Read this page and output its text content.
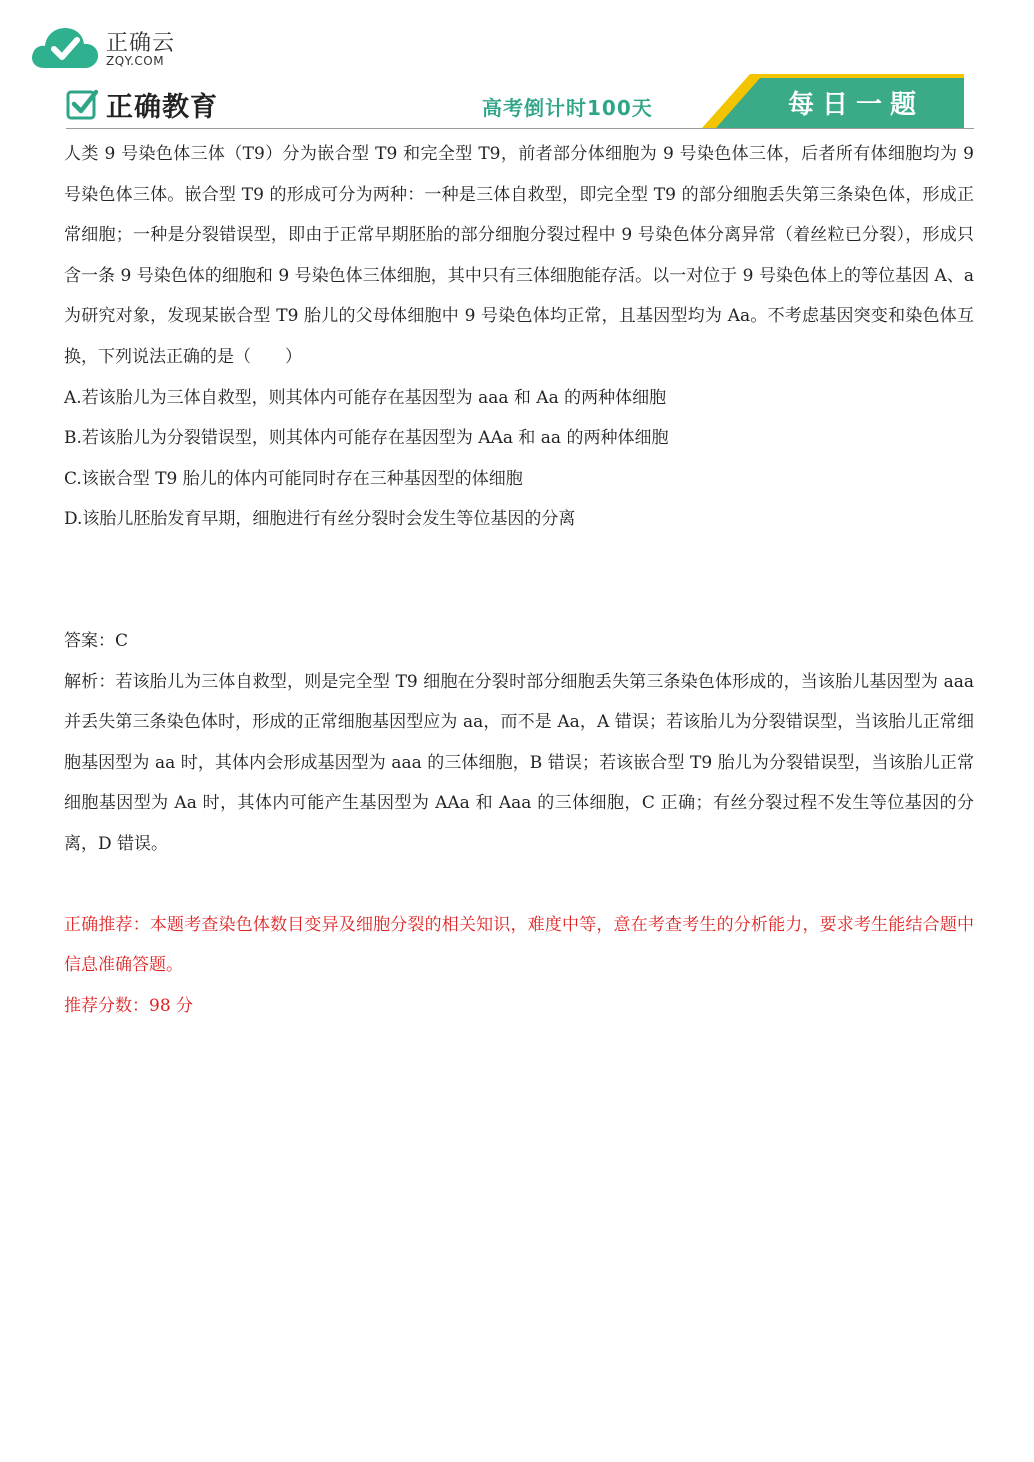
正确云
ZQY.COM
正确教育	高考倒计时100天	每日一题

人类 9 号染色体三体（T9）分为嵌合型 T9 和完全型 T9，前者部分体细胞为 9 号染色体三体，后者所有体细胞均为 9 号染色体三体。嵌合型 T9 的形成可分为两种：一种是三体自救型，即完全型 T9 的部分细胞丢失第三条染色体，形成正常细胞；一种是分裂错误型，即由于正常早期胚胎的部分细胞分裂过程中 9 号染色体分离异常（着丝粒已分裂），形成只含一条 9 号染色体的细胞和 9 号染色体三体细胞，其中只有三体细胞能存活。以一对位于 9 号染色体上的等位基因 A、a 为研究对象，发现某嵌合型 T9 胎儿的父母体细胞中 9 号染色体均正常，且基因型均为 Aa。不考虑基因突变和染色体互换，下列说法正确的是（　　）

A.若该胎儿为三体自救型，则其体内可能存在基因型为 aaa 和 Aa 的两种体细胞

B.若该胎儿为分裂错误型，则其体内可能存在基因型为 AAa 和 aa 的两种体细胞

C.该嵌合型 T9 胎儿的体内可能同时存在三种基因型的体细胞

D.该胎儿胚胎发育早期，细胞进行有丝分裂时会发生等位基因的分离

答案：C

解析：若该胎儿为三体自救型，则是完全型 T9 细胞在分裂时部分细胞丢失第三条染色体形成的，当该胎儿基因型为 aaa 并丢失第三条染色体时，形成的正常细胞基因型应为 aa，而不是 Aa，A 错误；若该胎儿为分裂错误型，当该胎儿正常细胞基因型为 aa 时，其体内会形成基因型为 aaa 的三体细胞，B 错误；若该嵌合型 T9 胎儿为分裂错误型，当该胎儿正常细胞基因型为 Aa 时，其体内可能产生基因型为 AAa 和 Aaa 的三体细胞，C 正确；有丝分裂过程不发生等位基因的分离，D 错误。

正确推荐：本题考查染色体数目变异及细胞分裂的相关知识，难度中等，意在考查考生的分析能力，要求考生能结合题中信息准确答题。

推荐分数：98 分
